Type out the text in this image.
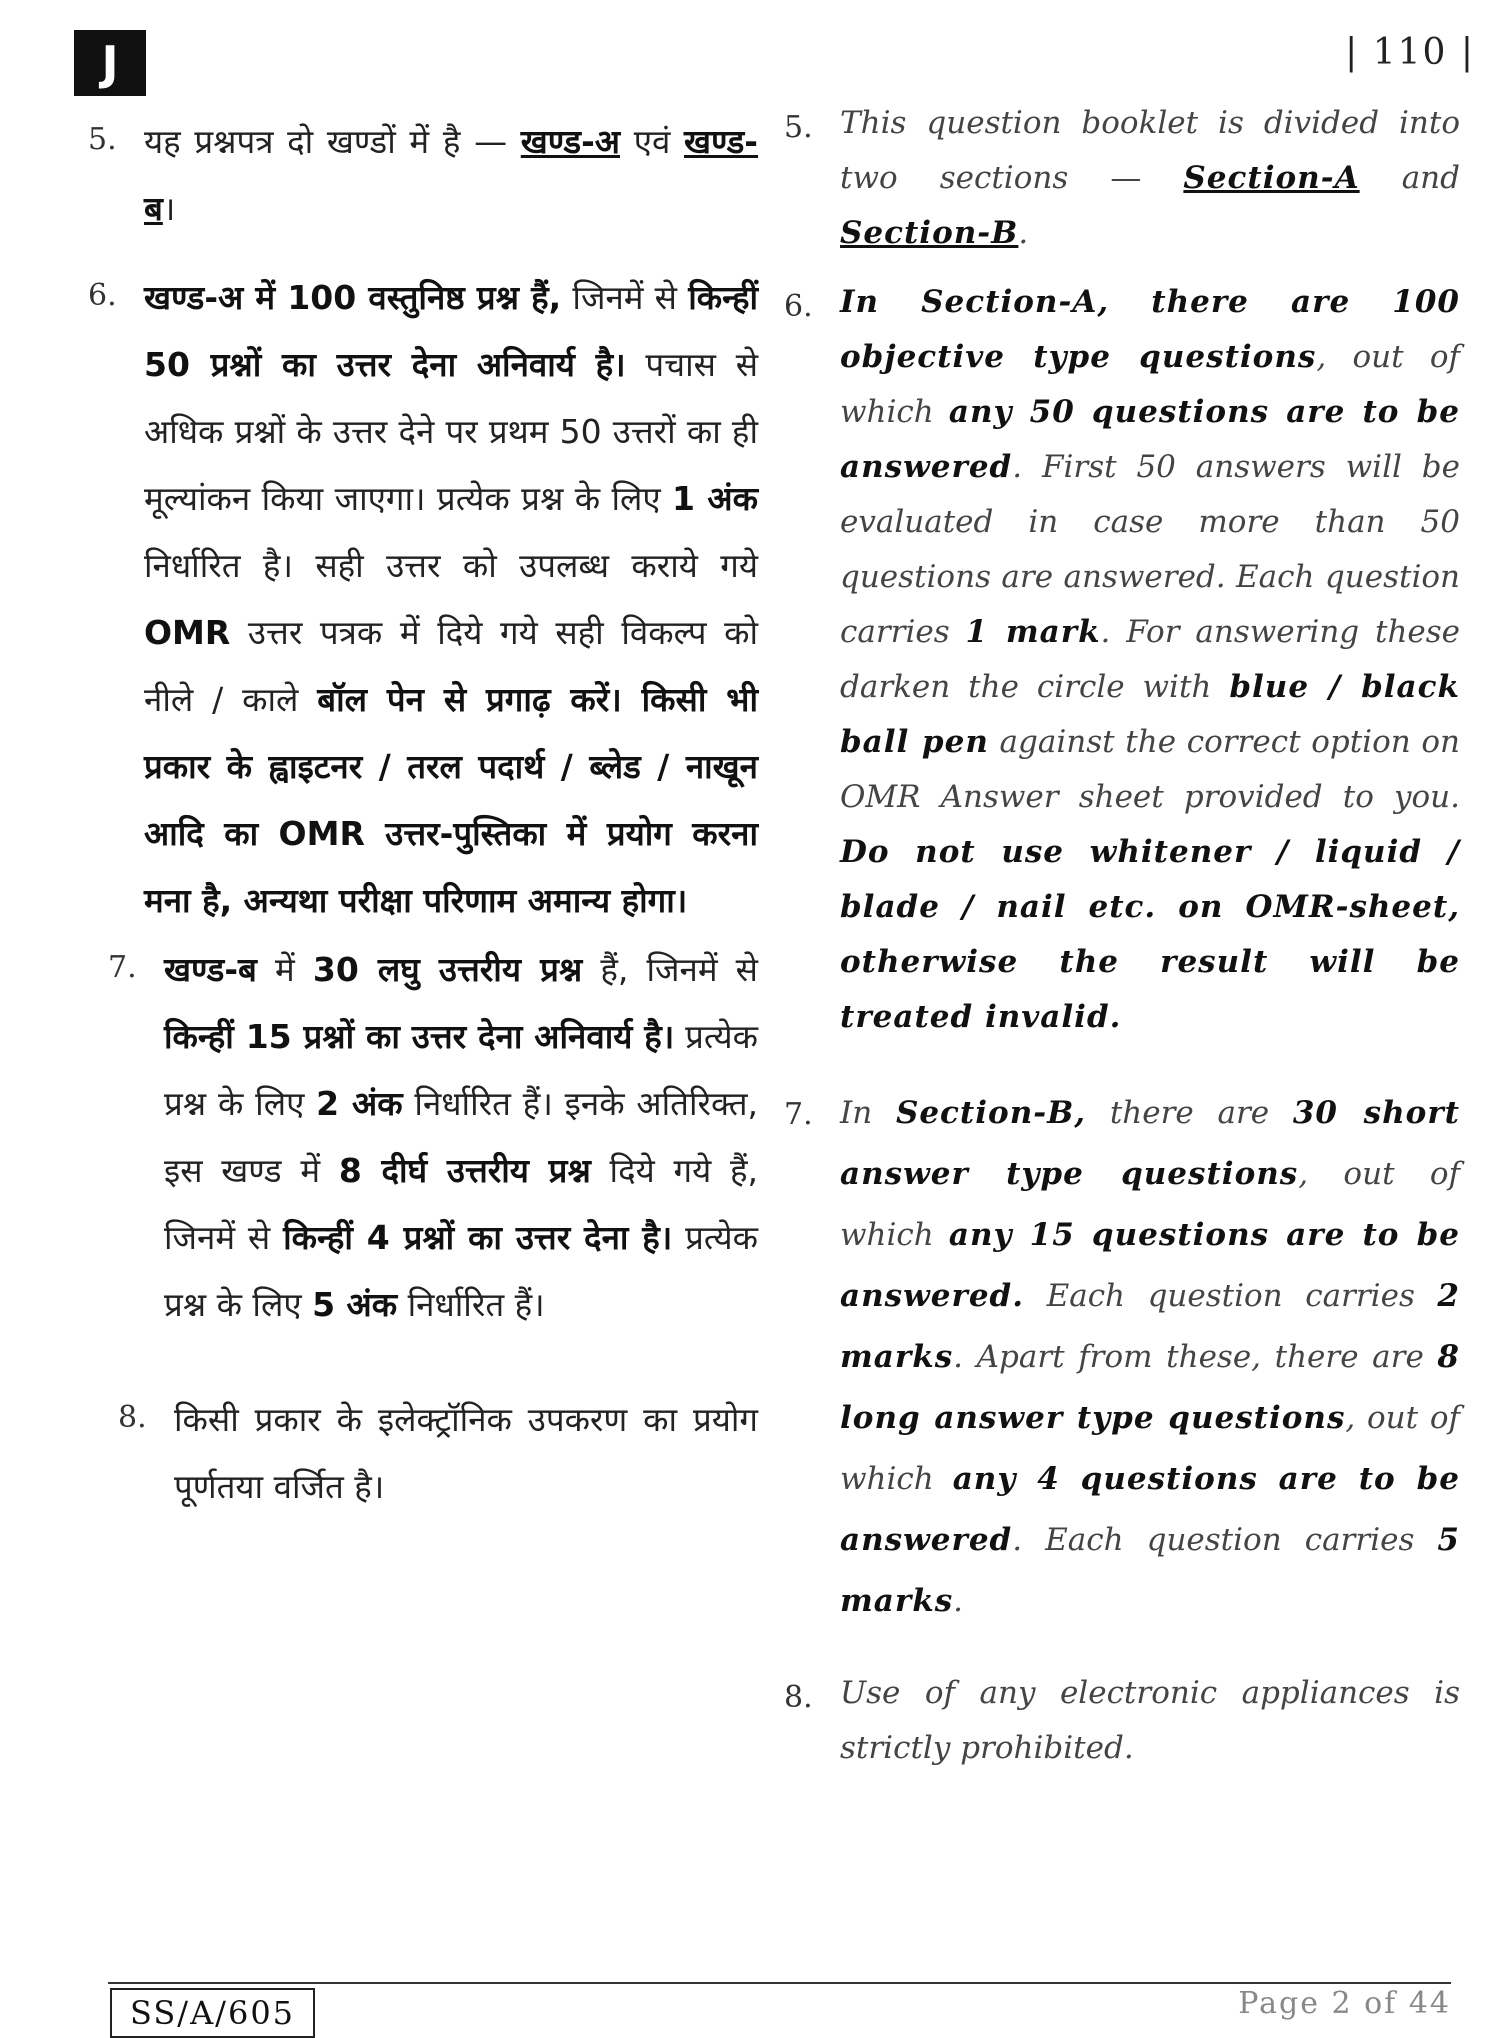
J	| 110 |
5. यह प्रश्नपत्र दो खण्डों में है — खण्ड-अ एवं खण्ड-ब।
6. खण्ड-अ में 100 वस्तुनिष्ठ प्रश्न हैं, जिनमें से किन्हीं 50 प्रश्नों का उत्तर देना अनिवार्य है। पचास से अधिक प्रश्नों के उत्तर देने पर प्रथम 50 उत्तरों का ही मूल्यांकन किया जाएगा। प्रत्येक प्रश्न के लिए 1 अंक निर्धारित है। सही उत्तर को उपलब्ध कराये गये OMR उत्तर पत्रक में दिये गये सही विकल्प को नीले / काले बॉल पेन से प्रगाढ़ करें। किसी भी प्रकार के ह्वाइटनर / तरल पदार्थ / ब्लेड / नाखून आदि का OMR उत्तर-पुस्तिका में प्रयोग करना मना है, अन्यथा परीक्षा परिणाम अमान्य होगा।
7. खण्ड-ब में 30 लघु उत्तरीय प्रश्न हैं, जिनमें से किन्हीं 15 प्रश्नों का उत्तर देना अनिवार्य है। प्रत्येक प्रश्न के लिए 2 अंक निर्धारित हैं। इनके अतिरिक्त, इस खण्ड में 8 दीर्घ उत्तरीय प्रश्न दिये गये हैं, जिनमें से किन्हीं 4 प्रश्नों का उत्तर देना है। प्रत्येक प्रश्न के लिए 5 अंक निर्धारित हैं।
8. किसी प्रकार के इलेक्ट्रॉनिक उपकरण का प्रयोग पूर्णतया वर्जित है।
5. This question booklet is divided into two sections — Section-A and Section-B.
6. In Section-A, there are 100 objective type questions, out of which any 50 questions are to be answered. First 50 answers will be evaluated in case more than 50 questions are answered. Each question carries 1 mark. For answering these darken the circle with blue / black ball pen against the correct option on OMR Answer sheet provided to you. Do not use whitener / liquid / blade / nail etc. on OMR-sheet, otherwise the result will be treated invalid.
7. In Section-B, there are 30 short answer type questions, out of which any 15 questions are to be answered. Each question carries 2 marks. Apart from these, there are 8 long answer type questions, out of which any 4 questions are to be answered. Each question carries 5 marks.
8. Use of any electronic appliances is strictly prohibited.
SS/A/605	Page 2 of 44
